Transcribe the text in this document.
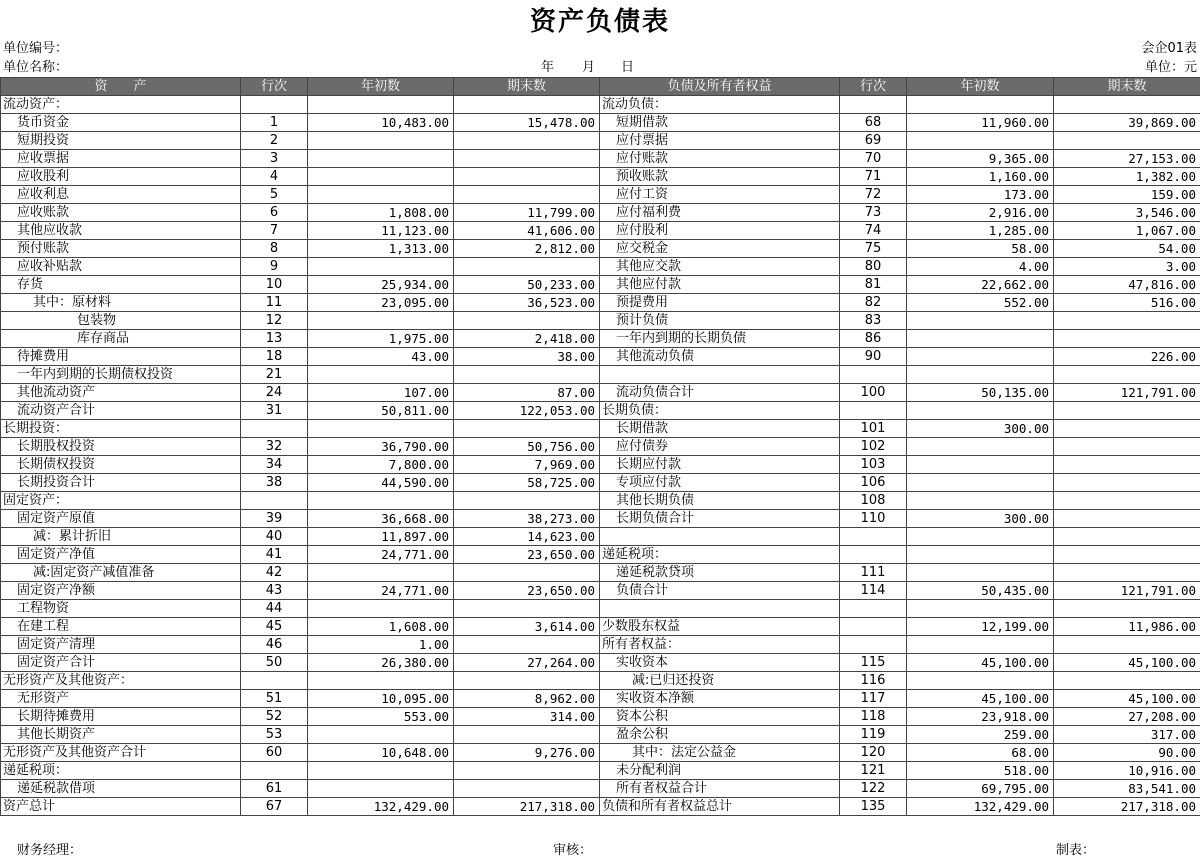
资产负债表
单位编号：	会企01表
单位名称：	年 月 日	单位：元
资　　产	行次	年初数	期末数	负债及所有者权益	行次	年初数	期末数
流动资产：				流动负债：			
货币资金	1	10,483.00	15,478.00	短期借款	68	11,960.00	39,869.00
短期投资	2			应付票据	69		
应收票据	3			应付账款	70	9,365.00	27,153.00
应收股利	4			预收账款	71	1,160.00	1,382.00
应收利息	5			应付工资	72	173.00	159.00
应收账款	6	1,808.00	11,799.00	应付福利费	73	2,916.00	3,546.00
其他应收款	7	11,123.00	41,606.00	应付股利	74	1,285.00	1,067.00
预付账款	8	1,313.00	2,812.00	应交税金	75	58.00	54.00
应收补贴款	9			其他应交款	80	4.00	3.00
存货	10	25,934.00	50,233.00	其他应付款	81	22,662.00	47,816.00
其中：原材料	11	23,095.00	36,523.00	预提费用	82	552.00	516.00
包装物	12			预计负债	83		
库存商品	13	1,975.00	2,418.00	一年内到期的长期负债	86		
待摊费用	18	43.00	38.00	其他流动负债	90		226.00
一年内到期的长期债权投资	21						
其他流动资产	24	107.00	87.00	流动负债合计	100	50,135.00	121,791.00
流动资产合计	31	50,811.00	122,053.00	长期负债：			
长期投资：				长期借款	101	300.00	
长期股权投资	32	36,790.00	50,756.00	应付债券	102		
长期债权投资	34	7,800.00	7,969.00	长期应付款	103		
长期投资合计	38	44,590.00	58,725.00	专项应付款	106		
固定资产：				其他长期负债	108		
固定资产原值	39	36,668.00	38,273.00	长期负债合计	110	300.00	
减：累计折旧	40	11,897.00	14,623.00				
固定资产净值	41	24,771.00	23,650.00	递延税项：			
减:固定资产减值准备	42			递延税款贷项	111		
固定资产净额	43	24,771.00	23,650.00	负债合计	114	50,435.00	121,791.00
工程物资	44						
在建工程	45	1,608.00	3,614.00	少数股东权益		12,199.00	11,986.00
固定资产清理	46	1.00		所有者权益：			
固定资产合计	50	26,380.00	27,264.00	实收资本	115	45,100.00	45,100.00
无形资产及其他资产：				减:已归还投资	116		
无形资产	51	10,095.00	8,962.00	实收资本净额	117	45,100.00	45,100.00
长期待摊费用	52	553.00	314.00	资本公积	118	23,918.00	27,208.00
其他长期资产	53			盈余公积	119	259.00	317.00
无形资产及其他资产合计	60	10,648.00	9,276.00	其中：法定公益金	120	68.00	90.00
递延税项：				未分配利润	121	518.00	10,916.00
递延税款借项	61			所有者权益合计	122	69,795.00	83,541.00
资产总计	67	132,429.00	217,318.00	负债和所有者权益总计	135	132,429.00	217,318.00
财务经理：	审核：	制表：
